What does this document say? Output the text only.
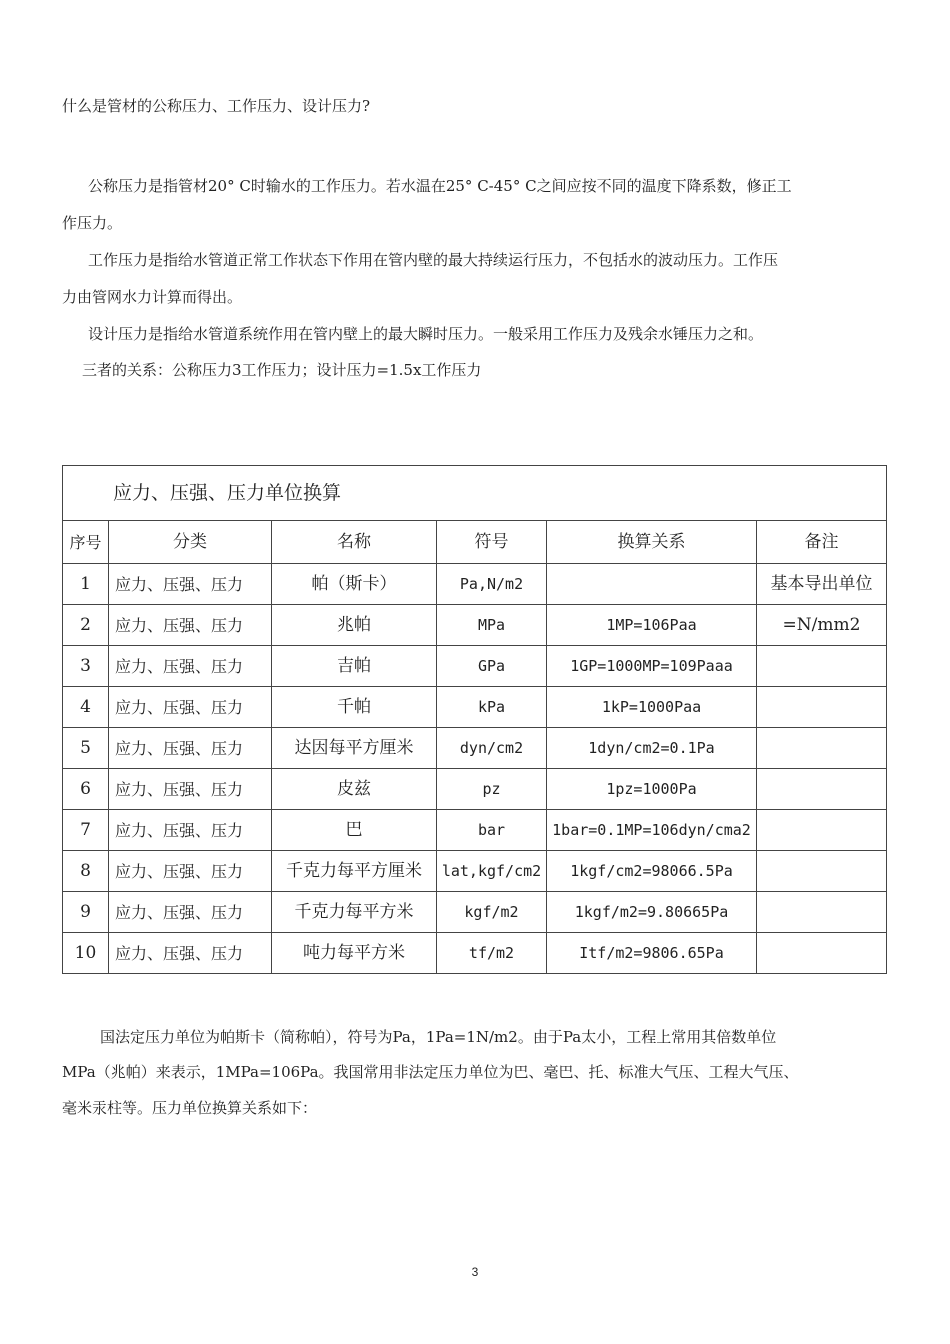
什么是管材的公称压力、工作压力、设计压力?
公称压力是指管材20° C时输水的工作压力。若水温在25° C-45° C之间应按不同的温度下降系数，修正工
作压力。
工作压力是指给水管道正常工作状态下作用在管内壁的最大持续运行压力，不包括水的波动压力。工作压
力由管网水力计算而得出。
设计压力是指给水管道系统作用在管内壁上的最大瞬时压力。一般采用工作压力及残余水锤压力之和。
三者的关系：公称压力3工作压力；设计压力=1.5x工作压力
应力、压强、压力单位换算					
序号	分类	名称	符号	换算关系	备注
1	应力、压强、压力	帕（斯卡）	Pa,N/m2		基本导出单位
2	应力、压强、压力	兆帕	MPa	1MP=106Paa	=N/mm2
3	应力、压强、压力	吉帕	GPa	1GP=1000MP=109Paaa	
4	应力、压强、压力	千帕	kPa	1kP=1000Paa	
5	应力、压强、压力	达因每平方厘米	dyn/cm2	1dyn/cm2=0.1Pa	
6	应力、压强、压力	皮兹	pz	1pz=1000Pa	
7	应力、压强、压力	巴	bar	1bar=0.1MP=106dyn/cma2	
8	应力、压强、压力	千克力每平方厘米	lat,kgf/cm2	1kgf/cm2=98066.5Pa	
9	应力、压强、压力	千克力每平方米	kgf/m2	1kgf/m2=9.80665Pa	
10	应力、压强、压力	吨力每平方米	tf/m2	Itf/m2=9806.65Pa	
国法定压力单位为帕斯卡（简称帕），符号为Pa，1Pa=1N/m2。由于Pa太小，工程上常用其倍数单位
MPa（兆帕）来表示，1MPa=106Pa。我国常用非法定压力单位为巴、毫巴、托、标准大气压、工程大气压、
毫米汞柱等。压力单位换算关系如下：
3
